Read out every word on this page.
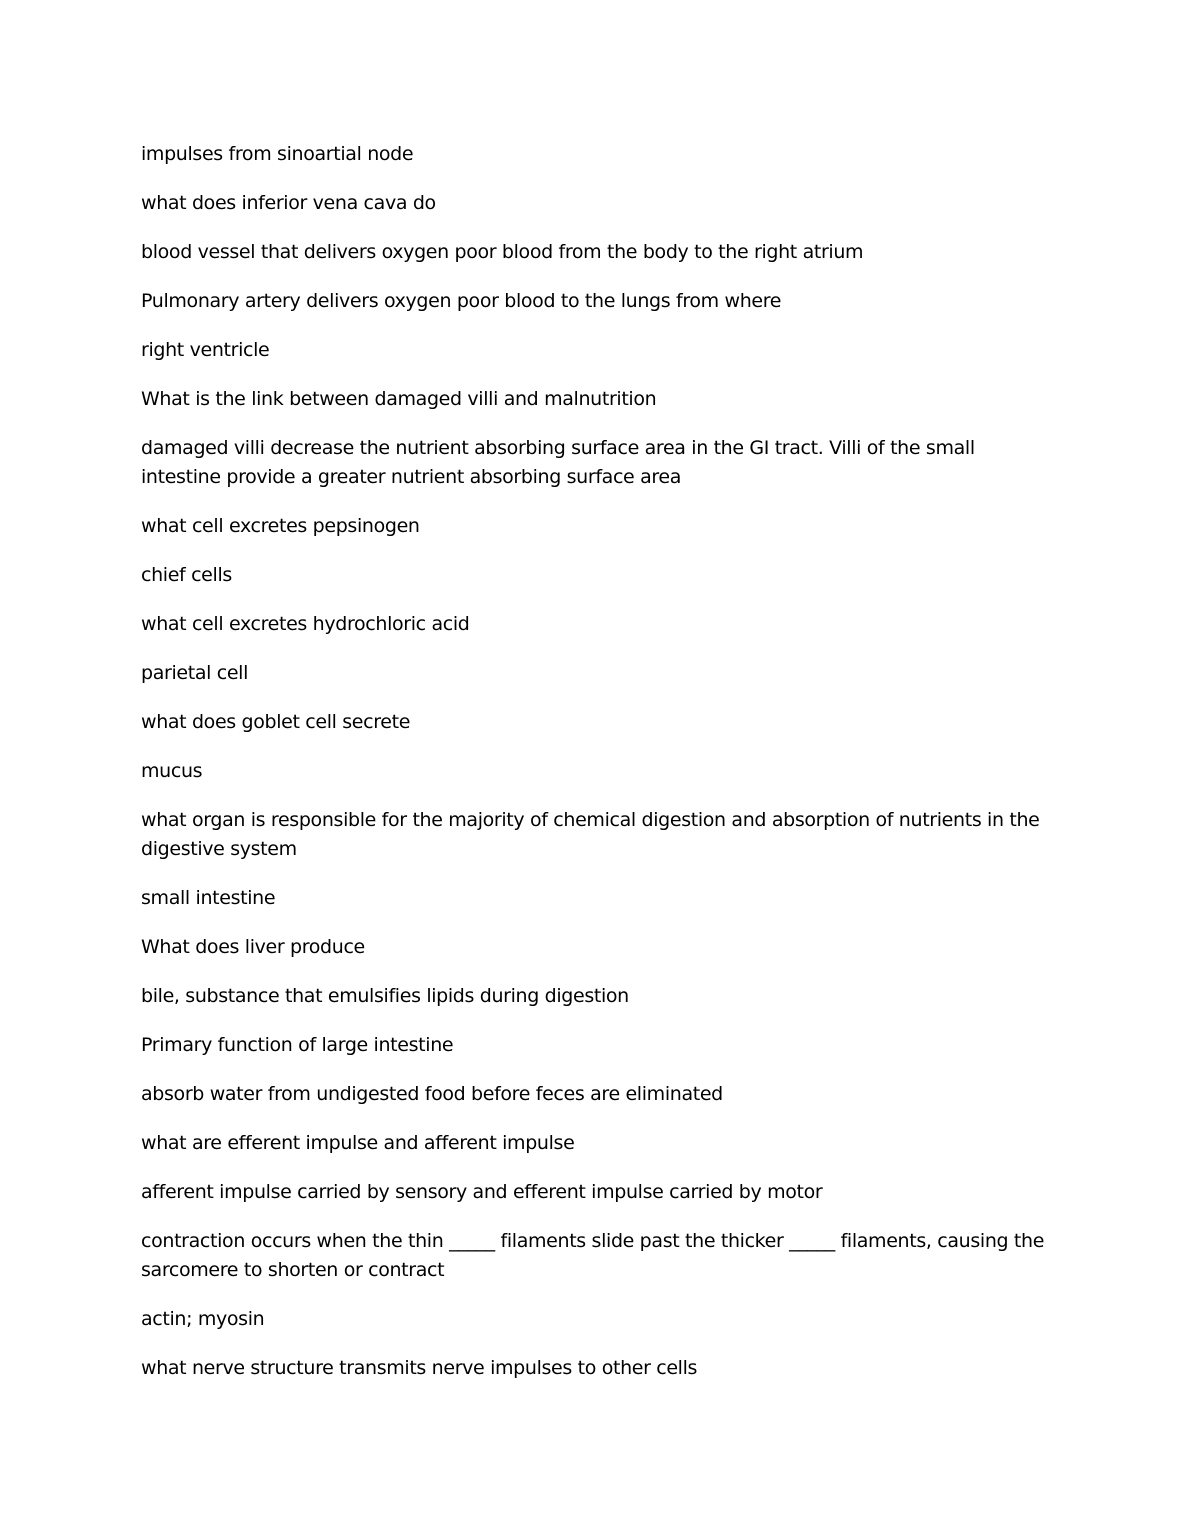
impulses from sinoartial node

what does inferior vena cava do

blood vessel that delivers oxygen poor blood from the body to the right atrium

Pulmonary artery delivers oxygen poor blood to the lungs from where

right ventricle

What is the link between damaged villi and malnutrition

damaged villi decrease the nutrient absorbing surface area in the GI tract. Villi of the small intestine provide a greater nutrient absorbing surface area

what cell excretes pepsinogen

chief cells

what cell excretes hydrochloric acid

parietal cell

what does goblet cell secrete

mucus

what organ is responsible for the majority of chemical digestion and absorption of nutrients in the digestive system

small intestine

What does liver produce

bile, substance that emulsifies lipids during digestion

Primary function of large intestine

absorb water from undigested food before feces are eliminated

what are efferent impulse and afferent impulse

afferent impulse carried by sensory and efferent impulse carried by motor

contraction occurs when the thin _____ filaments slide past the thicker _____ filaments, causing the sarcomere to shorten or contract

actin; myosin

what nerve structure transmits nerve impulses to other cells
